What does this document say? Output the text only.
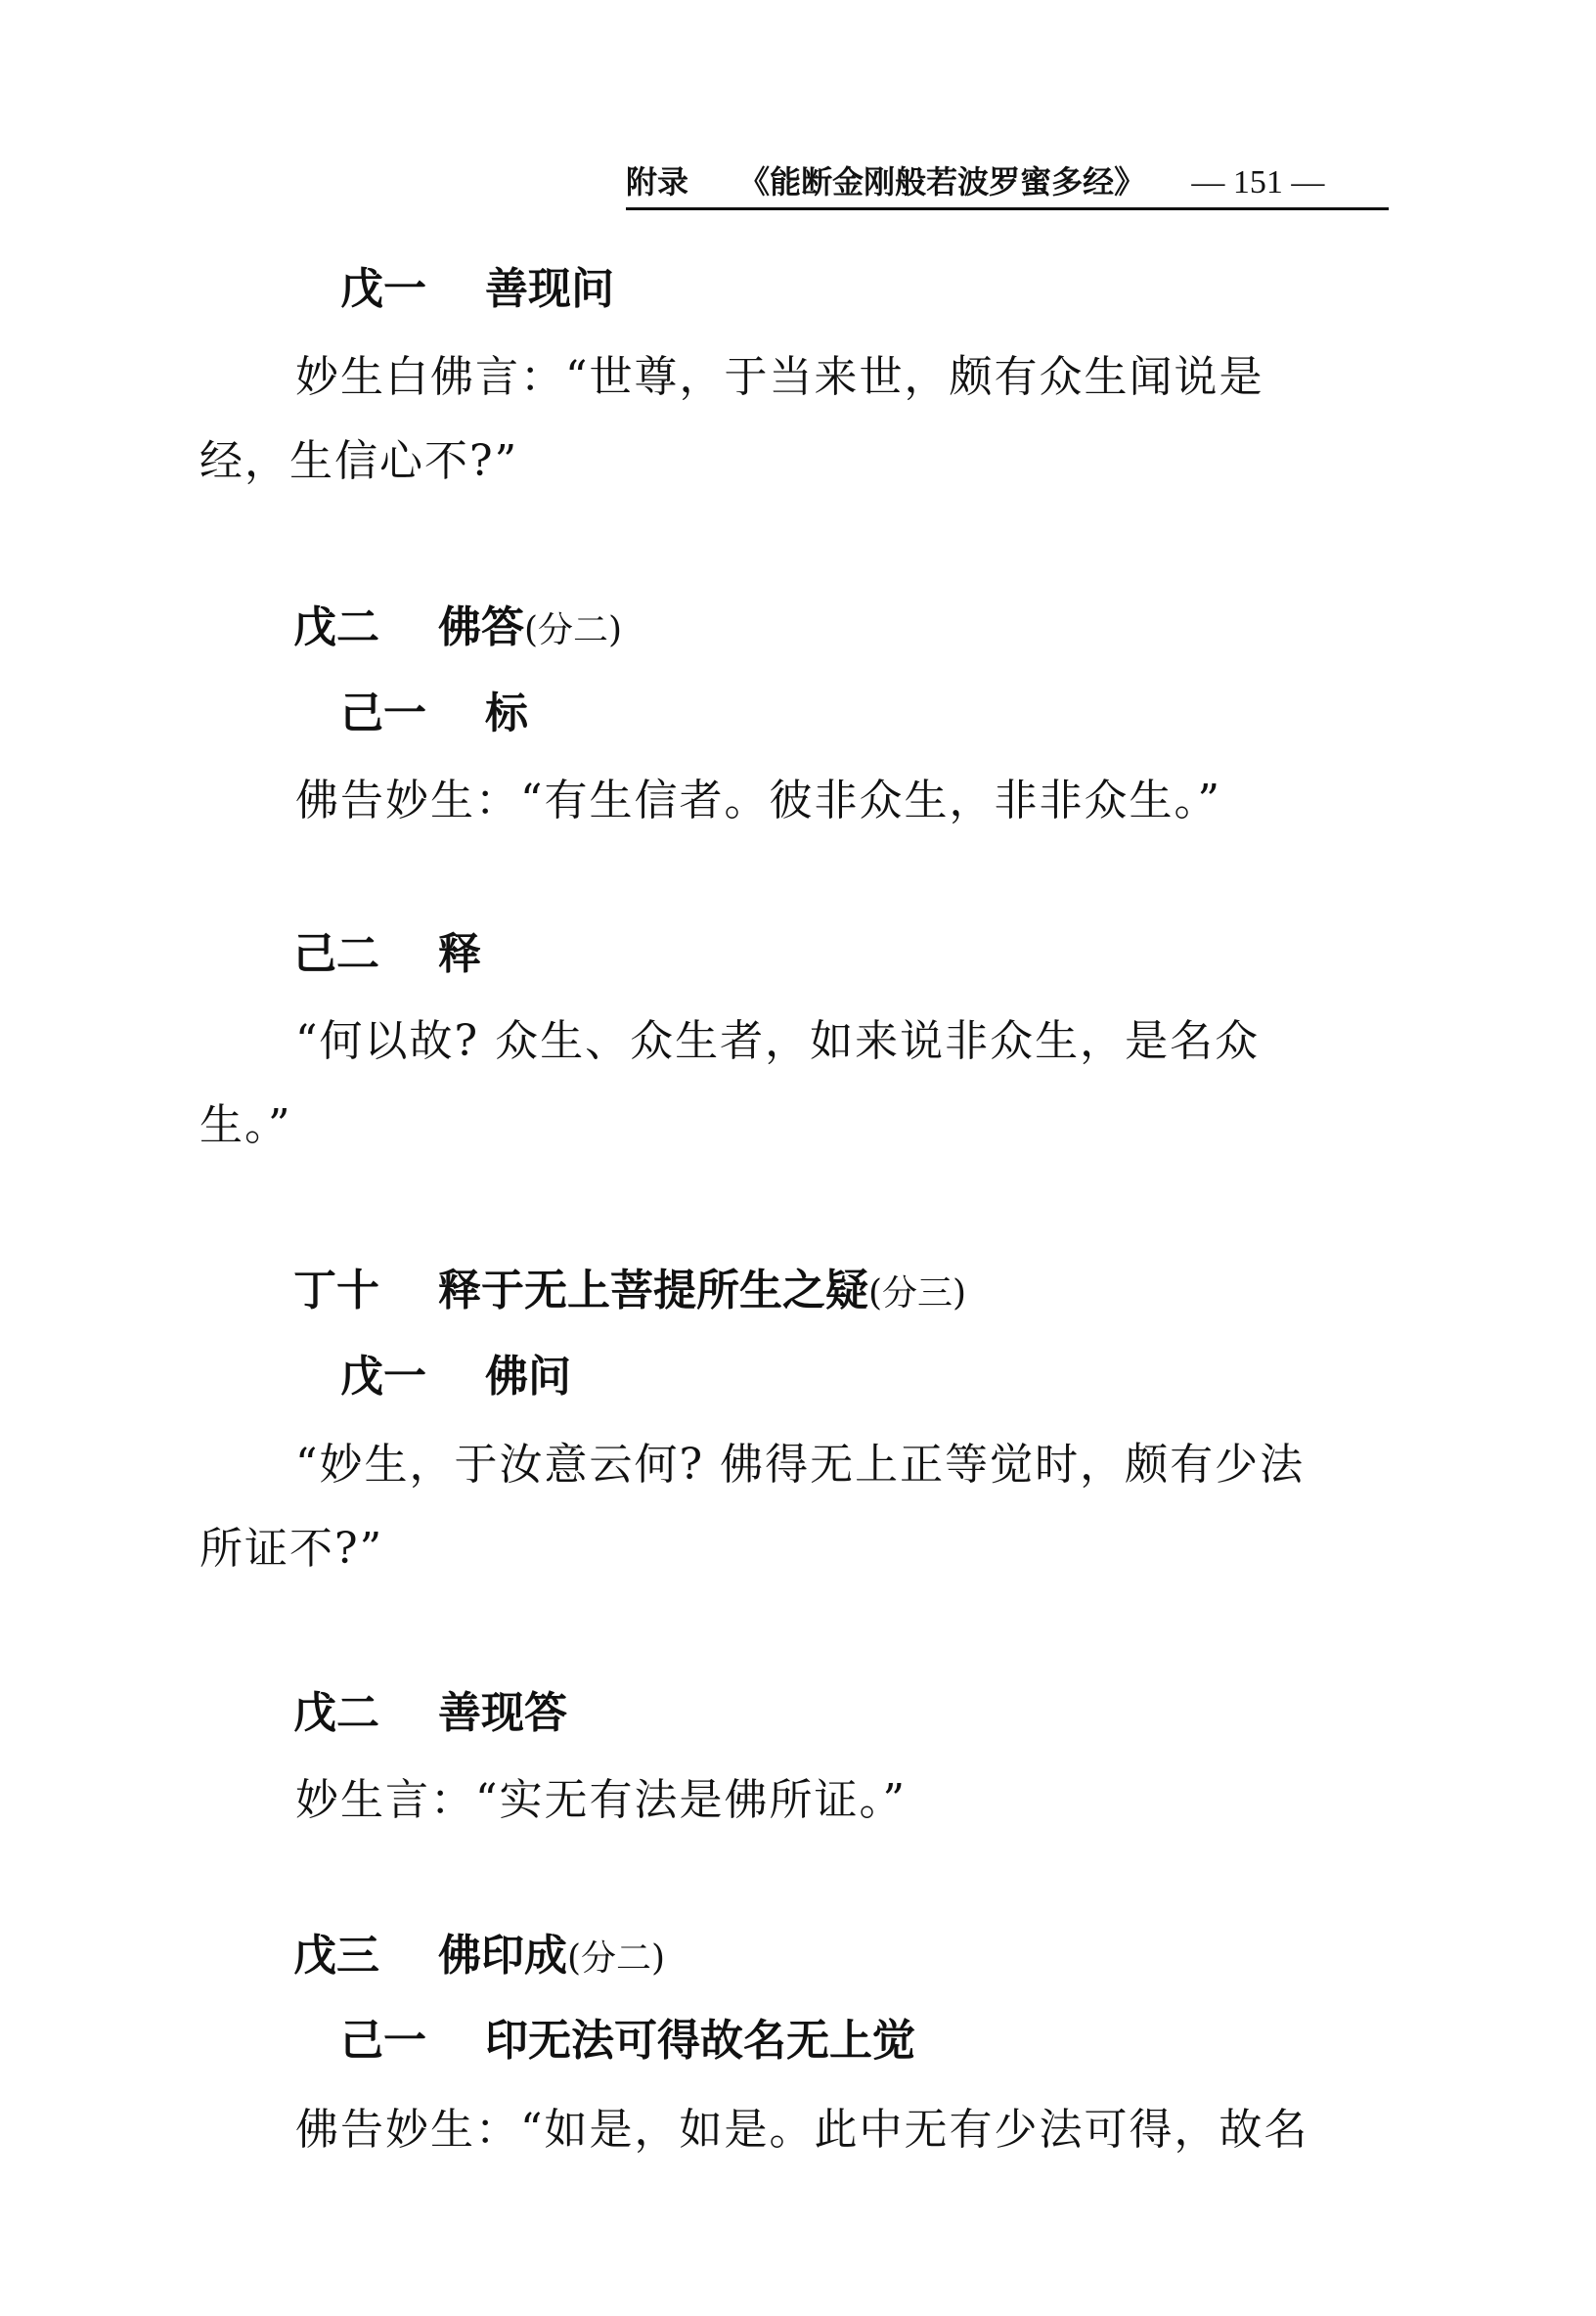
附录 《能断金刚般若波罗蜜多经》 — 151 —
戊一 善现问
妙生白佛言：“世尊，于当来世，颇有众生闻说是
经，生信心不?”
戊二 佛答(分二)
己一 标
佛告妙生：“有生信者。彼非众生，非非众生。”
己二 释
“何以故? 众生、众生者，如来说非众生，是名众
生。”
丁十 释于无上菩提所生之疑(分三)
戊一 佛问
“妙生，于汝意云何? 佛得无上正等觉时，颇有少法
所证不?”
戊二 善现答
妙生言：“实无有法是佛所证。”
戊三 佛印成(分二)
己一 印无法可得故名无上觉
佛告妙生：“如是，如是。此中无有少法可得，故名
